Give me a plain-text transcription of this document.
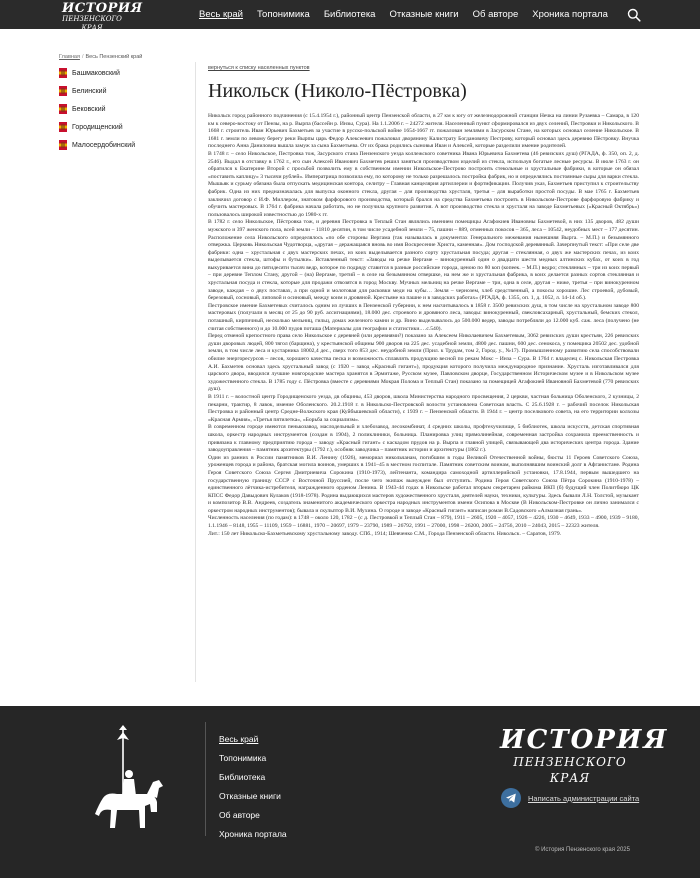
ИСТОРИЯ
ПЕНЗЕНСКОГО КРАЯ
Весь край Топонимика Библиотека Отказные книги Об авторе Хроника портала
Главная / Весь Пензенский край
Башмаковский
Белинский
Бековский
Городищенский
Малосердобинский
вернуться к списку населенных пунктов
Никольск (Николо-Пёстровка)

Никольск город районного подчинения (с 15.4.1954 г.), районный центр Пензенской области, в 27 км к югу от железнодорожной станции Нечка на линии Рузаевка – Самара, в 120 км к северо-востоку от Пензы, на р. Вырпа (бассейн р. Инзы, Сура). На 1.1.2006 г. – 24272 жителя. Населенный пункт сформировался из двух селений, Пестровки и Никольского. В 1668 г. строитель Иван Юрьевич Бахметьев за участие в русско-польской войне 1654-1667 гг. пожалован землями в Засурском Стане, на которых основал селение Никольское. В 1681 г. земли по левому берегу реки Вырпы царь Федор Алексеевич пожаловал дворянину Калистрату Богдановичу Пестрову, который основал здесь деревню Пёстровку. Внучка последнего Анна Даниловна вышла замуж за сына Бахметьева. От их брака родились сыновья Иван и Алексей, которые разделили имение родителей.

В 1748 г. – село Никольское, Пестровка тож, Засурского стана Пензенского уезда коллежского советника Ивана Юрьевича Бахметева (46 ревизских душ) (РГАДА, ф. 350, оп. 2, д. 2546). Выдал в отставку в 1762 г., его сын Алексей Иванович Бахметев решил заняться производством изделий из стекла, используя богатые лесные ресурсы. В июле 1763 г. он обратился к Екатерине Второй с просьбой позволить ему в собственном имении Никольское-Пестрово построить стекольные и хрустальные фабрики, в которые он обязал «поставить каплицу» 3 тысячи рублей». Императрица позволила ему, по которому не только разрешалось постройка фабрик, но и определялись постоянные сыры для варки стекла. Мышьяк и сурьму обязана была отпускать медицинская контора, селитру – Главная канцелярия артиллерии и фортификации. Получив указ, Бахметьев приступил к строительству фабрик. Одна из них предназначалась для выпуска оконного стекла, другая – для производства хрусталя, третья – для выработки простой посуды. В мае 1765 г. Бахметьев заключил договор с И.Ф. Миллером, знатоком фарфорового производства, который брался на средства Бахметьева построить в Никольском-Пестрове фарфоровую фабрику и обучить мастеровых. В 1764 г. фабрика начала работать, но не получила крупного развития. А вот производство стекла и хрусталя на заводе Бахметьевых («Красный Октябрь») пользовалось широкой известностью до 1980-х гг.

В 1782 г. село Никольское, Пёстровка тож, и деревня Пестровка в Теплый Стан являлись имением помещицы Агафокиев Ивановны Бахметевой, в них 135 дворов, 482 души мужского и 397 женского пола, всей земли – 11810 десятин, в том числе усадебной земли – 75, пашни – 889, отменных покосов – 365, леса – 10542, неудобных мест – 177 десятин. Расположение села Никольского определялось «по обе стороны Вергама (так называлась в документах Генерального межевания нынешняя Вырга. – М.П.) и безымянного отвержка. Церковь Никольская Чудотворца, «другая – деражащаяся вновь во имя Воскресение Христа, каменная». Дом господской деревянный. Зачерпнутый текст: «При селе две фабрики: одна – хрустальная с двух мастерских печах, из коих выделывается разного сорту хрустальная посуда; другая – стеклянная, о двух же мастерских печах, из коих выделывается стекла, штофы и бутылки». Вставленный текст: «Заводы на речке Вергаме – винокуренный один о двадцати шести медных алтинских кубах, от коих в год выкуривается вина до пятидесяти тысяч ведр, которое по подряду ставится в разные российские города, ценою по 80 коп (копеек. – М.П.) ведро; стеклянных – три из коих первый – при деревне Теплом Стану, другой – (на) Вергаме, третий – в селе на безымянном отвершке, на нем же и хрустальная фабрика, в коих делается разных сортов стеклянная и хрустальная посуда и стекла, которые для продажи отвозятся в город Москву. Мучных мельниц на речке Вергаме – три, одна в селе, другая – ниже, третья – при винокуренном заводе, каждая – о двух поставах, а при одной и молотовая для расковки меди на кубы… Земля – чернозем, хлеб средственный, а покосы хорошие. Лес строевой, дубовый, березовый, сосновый, липовой и осиновый, между коим и дровяной. Крестьяне на пашне и в заводских работах» (РГАДА, ф. 1355, оп. 1, д. 1052, л. 14-14 об.).

Пестровское имение Бахметевых считалось одним из лучших в Пензенской губернии, к нем насчитывалось в 1858 г. 3500 ревизских душ, в том числе на хрустальном заводе 800 мастеровых (получали в месяц от 25 до 90 руб. ассигнациями), 18.000 дес. строевого и дровяного леса, заводы: винокуренный, свекловсахарный, хрустальный, бемских стекол, поташный, кирпичный, несколько мельниц, гильц, домах железного камни и др. Вино выделывалось до 500.000 ведер, заводы потребляли до 12.000 куб. саж. леса (получено (не считая собственного) и до 10.000 пудов поташа (Материалы для географии и статистики.…с.540).

Перед отменой крепостного права село Никольское с деревней (или деревнями?) показано за Алексеем Николаевичем Бахметевым, 3062 ревизских души крестьян, 226 ревизских души дворовых людей, 800 тягол (барщина), у крестьянской общины 900 дворов на 225 дес. усадебной земли, 4800 дес. пашни, 600 дес. сенокоса, у помещика 20502 дес. удобной земли, в том числе леса и кустарника 18002,4 дес., сверх того 853 дес. неудобной земли (Прил. к Трудам, том 2, Город. у., №17). Промышленному развитию села способствовали обилие энергоресурсов – лесов, хорошего качества песка и возможность сплавлять продукцию весной по рекам Мокс – Инза – Сура. В 1764 г. владелец с. Никольская Пестровка А.И. Бахметев основал здесь хрустальный завод (с 1920 – завод «Красный гигант»), продукция которого получила международное признание. Хрусталь изготавливался для царского двора, вводился лучшие новгородские мастера хранятся в Эрмитаже, Русском музее, Павловском дворце, Государственном Историческом музее и в Никольском музее художественного стекла. В 1785 году с. Пёстровка (вместе с деревнями Мокрая Полома и Теплый Стан) показано за помещицей Агафокией Ивановной Бахметевой (770 ревизских душ).

В 1911 г. – волостной центр Городищенского уезда, дв общины, 453 дворов, школа Министерства народного просвещения, 2 церкви, частная больница Оболенского, 2 кузницы, 2 пекарни, трактир, 8 лавок, имение Оболенского. 20.2.1918 г. в Никольско-Пестровской волости установлена Советская власть. С 25.6.1928 г. – рабочий поселок Никольская Пестровка и районный центр Средне-Волжского края (Куйбышевской области), с 1939 г. – Пензенской области. В 1944 г. – центр поселкового совета, на его территории колхозы «Красная Армия», «Третья пятилетка», «Борьба за социализм».

В современном городе имеются пенькозавод, маслодельный и хлебозавод, лесокомбинат, 4 средних школы, профтехучилище, 5 библиотек, школа искусств, детская спортивная школа, оркестр народных инструментов (создан в 1904), 2 поликлиники, больница. Планировка улиц прямолинейная, современная застройка сохранила преемственность и привязана к главному предприятию города – заводу «Красный гигант» с каскадом прудов на р. Вырпа и главной улицей, связывающей два исторических центра города. Здание заводоуправления – памятник архитектуры (1792 г.), особняк заводчика – памятник истории и архитектуры (1862 г.).

Один из ранних в России памятников В.И. Ленину (1926), мемориал никольчанам, погибшим в годы Великой Отечественной войны, бюсты 11 Героев Советского Союза, уроженцев города и района, братская могила воинов, умерших в 1941–45 в местном госпитале. Памятник советским воинам, выполнявшим воинский долг в Афганистане. Родина Героя Советского Союза Сергея Дмитриевича Сорокина (1910-1973), лейтенанта, командира самоходной артиллерийской установки, 17.8.1944, первым вышедшего на государственную границу СССР с Восточной Пруссией, после чего экипаж вынужден был отступить. Родина Героя Советского Союза Пётра Сорокина (1910-1978) – единственного лётчика-истребителя, награжденного орденом Ленина. В 1943-44 годах в Никольске работал вторым секретарем райкома ВКП (б) будущий член Политбюро ЦК КПСС Федор Давыдович Кулаков (1918-1978). Родина выдающихся мастеров художественного хрусталя, деятелей науки, техники, культуры. Здесь бывали Л.Н. Толстой, музыкант и композитор В.В. Андреев, создатель знаменитого академического оркестра народных инструментов имени Осипова в Москве (В Никольском-Пестровке он лично занимался с оркестром народных инструментов); бывала и скульптор В.И. Мухина. О городе и заводе «Красный гигант» написан роман В.Садовского «Алмазная грань».

Численность населения (по годам): в 1748 – около 120, 1782 – (с д. Пестровкой и Теплый Стан – 879), 1911 – 2605, 1920 – 4057, 1926 – 4226, 1930 – 4649, 1933 – 4900, 1939 – 9180, 1.1.1946 – 8148, 1955 – 11109, 1959 – 16881, 1970 – 20697, 1979 – 23790, 1989 – 26792, 1991 – 27000, 1998 – 26200, 2005 – 24756, 2010 – 24043, 2015 – 22323 жителя.

Лит.: 150 лет Никольско-Бахметьевскому хрустальному заводу. СПб., 1914; Шевченко С.М., Города Пензенской области. Никольск. – Саратов, 1979.

Весь край
Топонимика
Библиотека
Отказные книги
Об авторе
Хроника портала
ИСТОРИЯ
ПЕНЗЕНСКОГО КРАЯ
Написать администрации сайта
© История Пензенского края 2025
